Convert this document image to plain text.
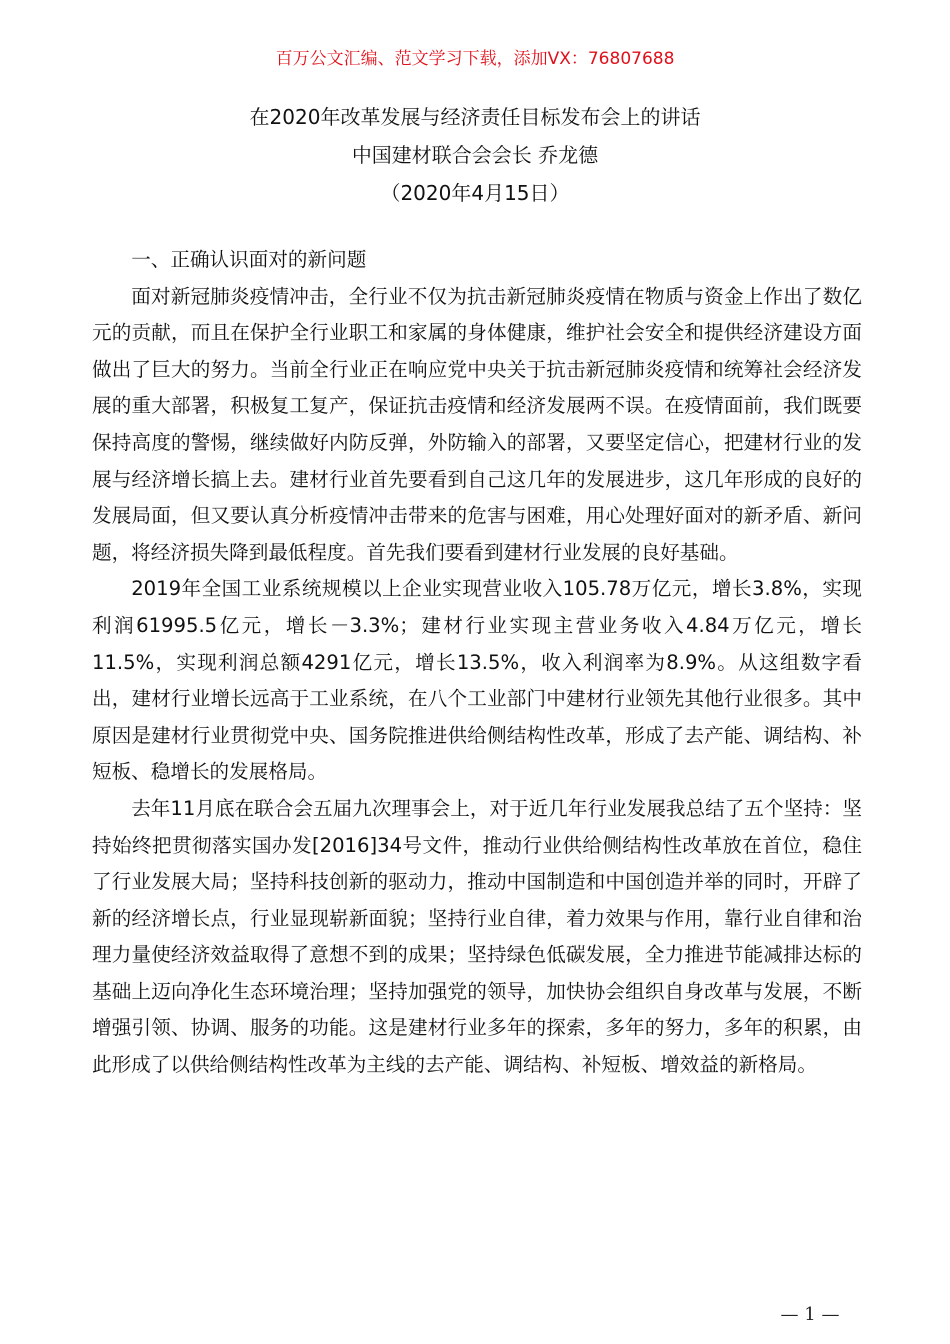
百万公文汇编、范文学习下载，添加VX：76807688
在2020年改革发展与经济责任目标发布会上的讲话
中国建材联合会会长 乔龙德
（2020年4月15日）
一、正确认识面对的新问题

面对新冠肺炎疫情冲击，全行业不仅为抗击新冠肺炎疫情在物质与资金上作出了数亿元的贡献，而且在保护全行业职工和家属的身体健康，维护社会安全和提供经济建设方面做出了巨大的努力。当前全行业正在响应党中央关于抗击新冠肺炎疫情和统筹社会经济发展的重大部署，积极复工复产，保证抗击疫情和经济发展两不误。在疫情面前，我们既要保持高度的警惕，继续做好内防反弹，外防输入的部署，又要坚定信心，把建材行业的发展与经济增长搞上去。建材行业首先要看到自己这几年的发展进步，这几年形成的良好的发展局面，但又要认真分析疫情冲击带来的危害与困难，用心处理好面对的新矛盾、新问题，将经济损失降到最低程度。首先我们要看到建材行业发展的良好基础。

2019年全国工业系统规模以上企业实现营业收入105.78万亿元，增长3.8%，实现利润61995.5亿元，增长－3.3%；建材行业实现主营业务收入4.84万亿元，增长11.5%，实现利润总额4291亿元，增长13.5%，收入利润率为8.9%。从这组数字看出，建材行业增长远高于工业系统，在八个工业部门中建材行业领先其他行业很多。其中原因是建材行业贯彻党中央、国务院推进供给侧结构性改革，形成了去产能、调结构、补短板、稳增长的发展格局。

去年11月底在联合会五届九次理事会上，对于近几年行业发展我总结了五个坚持：坚持始终把贯彻落实国办发[2016]34号文件，推动行业供给侧结构性改革放在首位，稳住了行业发展大局；坚持科技创新的驱动力，推动中国制造和中国创造并举的同时，开辟了新的经济增长点，行业显现崭新面貌；坚持行业自律，着力效果与作用，靠行业自律和治理力量使经济效益取得了意想不到的成果；坚持绿色低碳发展，全力推进节能减排达标的基础上迈向净化生态环境治理；坚持加强党的领导，加快协会组织自身改革与发展，不断增强引领、协调、服务的功能。这是建材行业多年的探索，多年的努力，多年的积累，由此形成了以供给侧结构性改革为主线的去产能、调结构、补短板、增效益的新格局。

— 1 —
